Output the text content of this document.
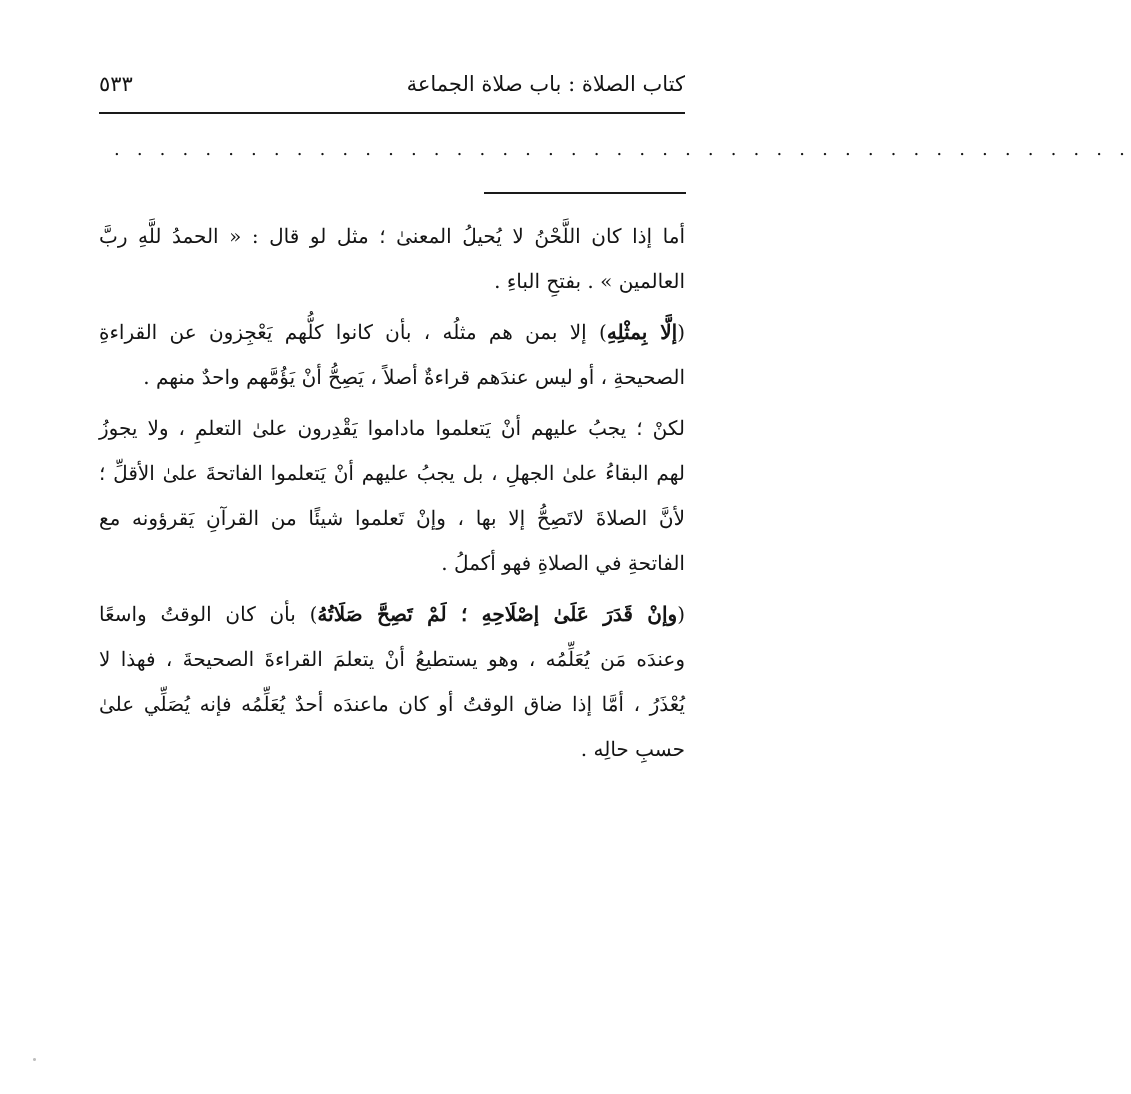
كتاب الصلاة : باب صلاة الجماعة
٥٣٣
. . . . . . . . . . . . . . . . . . . . . . . . . . . . . . . . . . . . . . . . . . . . .
أما إذا كان اللَّحْنُ لا يُحيلُ المعنىٰ ؛ مثل لو قال : « الحمدُ للَّهِ ربَّ
العالمين » . بفتحِ الباءِ .
(إلَّا بِمثْلِهِ) إلا بمن هم مثلُه ، بأن كانوا كلُّهم يَعْجِزون عن القراءةِ
الصحيحةِ ، أو ليس عندَهم قراءةٌ أصلاً ، يَصِحُّ أنْ يَؤُمَّهم واحدٌ منهم .
لكنْ ؛ يجبُ عليهم أنْ يَتعلموا ماداموا يَقْدِرون علىٰ التعلمِ ، ولا يجوزُ
لهم البقاءُ علىٰ الجهلِ ، بل يجبُ عليهم أنْ يَتعلموا الفاتحةَ علىٰ الأقلِّ ؛
لأنَّ الصلاةَ لاتَصِحُّ إلا بها ، وإنْ تَعلموا شيئًا من القرآنِ يَقرؤونه مع
الفاتحةِ في الصلاةِ فهو أكملُ .
(وإنْ قَدَرَ عَلَىٰ إصْلَاحِهِ ؛ لَمْ تَصِحَّ صَلَاتُهُ) بأن كان الوقتُ واسعًا
وعندَه مَن يُعَلِّمُه ، وهو يستطيعُ أنْ يتعلمَ القراءةَ الصحيحةَ ، فهذا لا
يُعْذَرُ ، أمَّا إذا ضاق الوقتُ أو كان ماعندَه أحدٌ يُعَلِّمُه فإنه يُصَلِّي علىٰ
حسبِ حالِه .
